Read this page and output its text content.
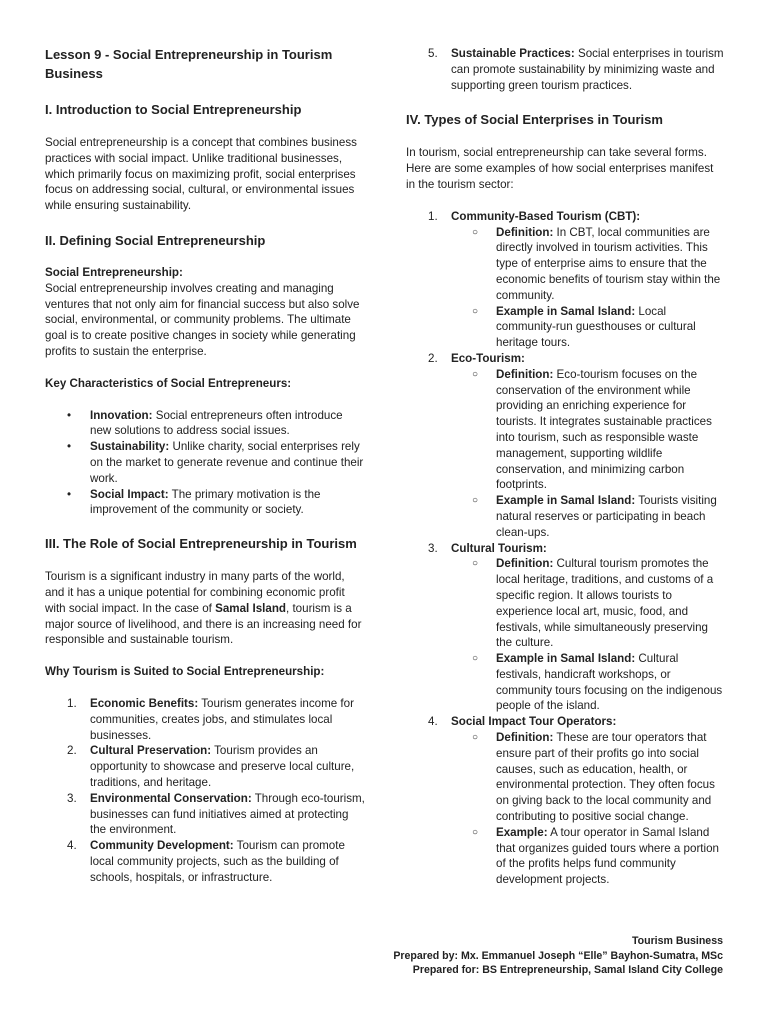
Lesson 9 - Social Entrepreneurship in Tourism Business
I. Introduction to Social Entrepreneurship

Social entrepreneurship is a concept that combines business practices with social impact. Unlike traditional businesses, which primarily focus on maximizing profit, social enterprises focus on addressing social, cultural, or environmental issues while ensuring sustainability.

II. Defining Social Entrepreneurship

Social Entrepreneurship:

Social entrepreneurship involves creating and managing ventures that not only aim for financial success but also solve social, environmental, or community problems. The ultimate goal is to create positive changes in society while generating profits to sustain the enterprise.

Key Characteristics of Social Entrepreneurs:

• Innovation: Social entrepreneurs often introduce new solutions to address social issues.
• Sustainability: Unlike charity, social enterprises rely on the market to generate revenue and continue their work.
• Social Impact: The primary motivation is the improvement of the community or society.
III. The Role of Social Entrepreneurship in Tourism

Tourism is a significant industry in many parts of the world, and it has a unique potential for combining economic profit with social impact. In the case of Samal Island, tourism is a major source of livelihood, and there is an increasing need for responsible and sustainable tourism.

Why Tourism is Suited to Social Entrepreneurship:

1. Economic Benefits: Tourism generates income for communities, creates jobs, and stimulates local businesses.
2. Cultural Preservation: Tourism provides an opportunity to showcase and preserve local culture, traditions, and heritage.
3. Environmental Conservation: Through eco-tourism, businesses can fund initiatives aimed at protecting the environment.
4. Community Development: Tourism can promote local community projects, such as the building of schools, hospitals, or infrastructure.
5. Sustainable Practices: Social enterprises in tourism can promote sustainability by minimizing waste and supporting green tourism practices.
IV. Types of Social Enterprises in Tourism

In tourism, social entrepreneurship can take several forms. Here are some examples of how social enterprises manifest in the tourism sector:

1. Community-Based Tourism (CBT):
○ Definition: In CBT, local communities are directly involved in tourism activities. This type of enterprise aims to ensure that the economic benefits of tourism stay within the community.
○ Example in Samal Island: Local community-run guesthouses or cultural heritage tours.
2. Eco-Tourism:
○ Definition: Eco-tourism focuses on the conservation of the environment while providing an enriching experience for tourists. It integrates sustainable practices into tourism, such as responsible waste management, supporting wildlife conservation, and minimizing carbon footprints.
○ Example in Samal Island: Tourists visiting natural reserves or participating in beach clean-ups.
3. Cultural Tourism:
○ Definition: Cultural tourism promotes the local heritage, traditions, and customs of a specific region. It allows tourists to experience local art, music, food, and festivals, while simultaneously preserving the culture.
○ Example in Samal Island: Cultural festivals, handicraft workshops, or community tours focusing on the indigenous people of the island.
4. Social Impact Tour Operators:
○ Definition: These are tour operators that ensure part of their profits go into social causes, such as education, health, or environmental protection. They often focus on giving back to the local community and contributing to positive social change.
○ Example: A tour operator in Samal Island that organizes guided tours where a portion of the profits helps fund community development projects.
Tourism Business
Prepared by: Mx. Emmanuel Joseph “Elle” Bayhon-Sumatra, MSc
Prepared for: BS Entrepreneurship, Samal Island City College
